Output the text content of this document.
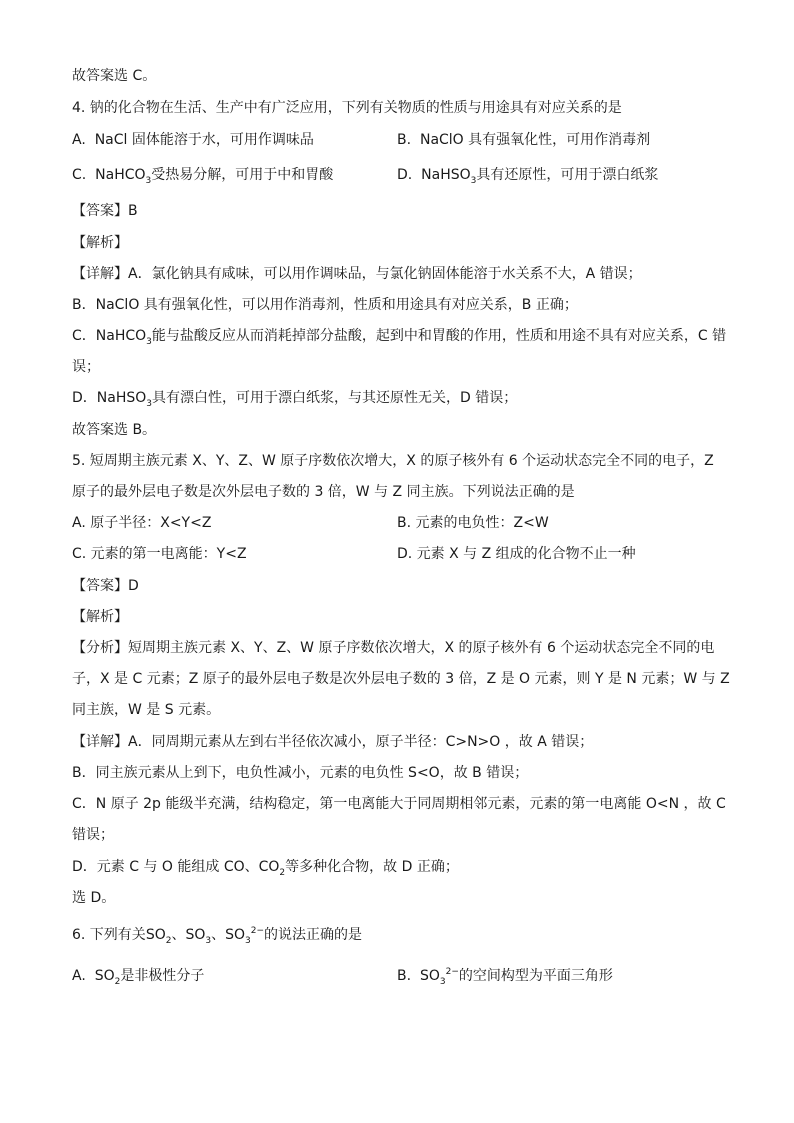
故答案选 C。
4. 钠的化合物在生活、生产中有广泛应用，下列有关物质的性质与用途具有对应关系的是
A. NaCl 固体能溶于水，可用作调味品	B. NaClO 具有强氧化性，可用作消毒剂
C. NaHCO$_3$受热易分解，可用于中和胃酸	D. NaHSO$_3$具有还原性，可用于漂白纸浆
【答案】B
【解析】
【详解】A．氯化钠具有咸味，可以用作调味品，与氯化钠固体能溶于水关系不大，A 错误；
B．NaClO 具有强氧化性，可以用作消毒剂，性质和用途具有对应关系，B 正确；
C．NaHCO$_3$能与盐酸反应从而消耗掉部分盐酸，起到中和胃酸的作用，性质和用途不具有对应关系，C 错
误；
D．NaHSO$_3$具有漂白性，可用于漂白纸浆，与其还原性无关，D 错误；
故答案选 B。
5. 短周期主族元素 X、Y、Z、W 原子序数依次增大，X 的原子核外有 6 个运动状态完全不同的电子，Z
原子的最外层电子数是次外层电子数的 3 倍，W 与 Z 同主族。下列说法正确的是
A. 原子半径：X<Y<Z	B. 元素的电负性：Z<W
C. 元素的第一电离能：Y<Z	D. 元素 X 与 Z 组成的化合物不止一种
【答案】D
【解析】
【分析】短周期主族元素 X、Y、Z、W 原子序数依次增大，X 的原子核外有 6 个运动状态完全不同的电
子，X 是 C 元素；Z 原子的最外层电子数是次外层电子数的 3 倍，Z 是 O 元素，则 Y 是 N 元素；W 与 Z
同主族，W 是 S 元素。
【详解】A．同周期元素从左到右半径依次减小，原子半径：C>N>O ，故 A 错误；
B．同主族元素从上到下，电负性减小，元素的电负性 S<O，故 B 错误；
C．N 原子 2p 能级半充满，结构稳定，第一电离能大于同周期相邻元素，元素的第一电离能 O<N ，故 C
错误；
D．元素 C 与 O 能组成 CO、$CO_2$等多种化合物，故 D 正确；
选 D。
6. 下列有关$SO_2$、$SO_3$、$SO_3^{2-}$的说法正确的是
A. $SO_2$是非极性分子	B. $SO_3^{2-}$的空间构型为平面三角形
